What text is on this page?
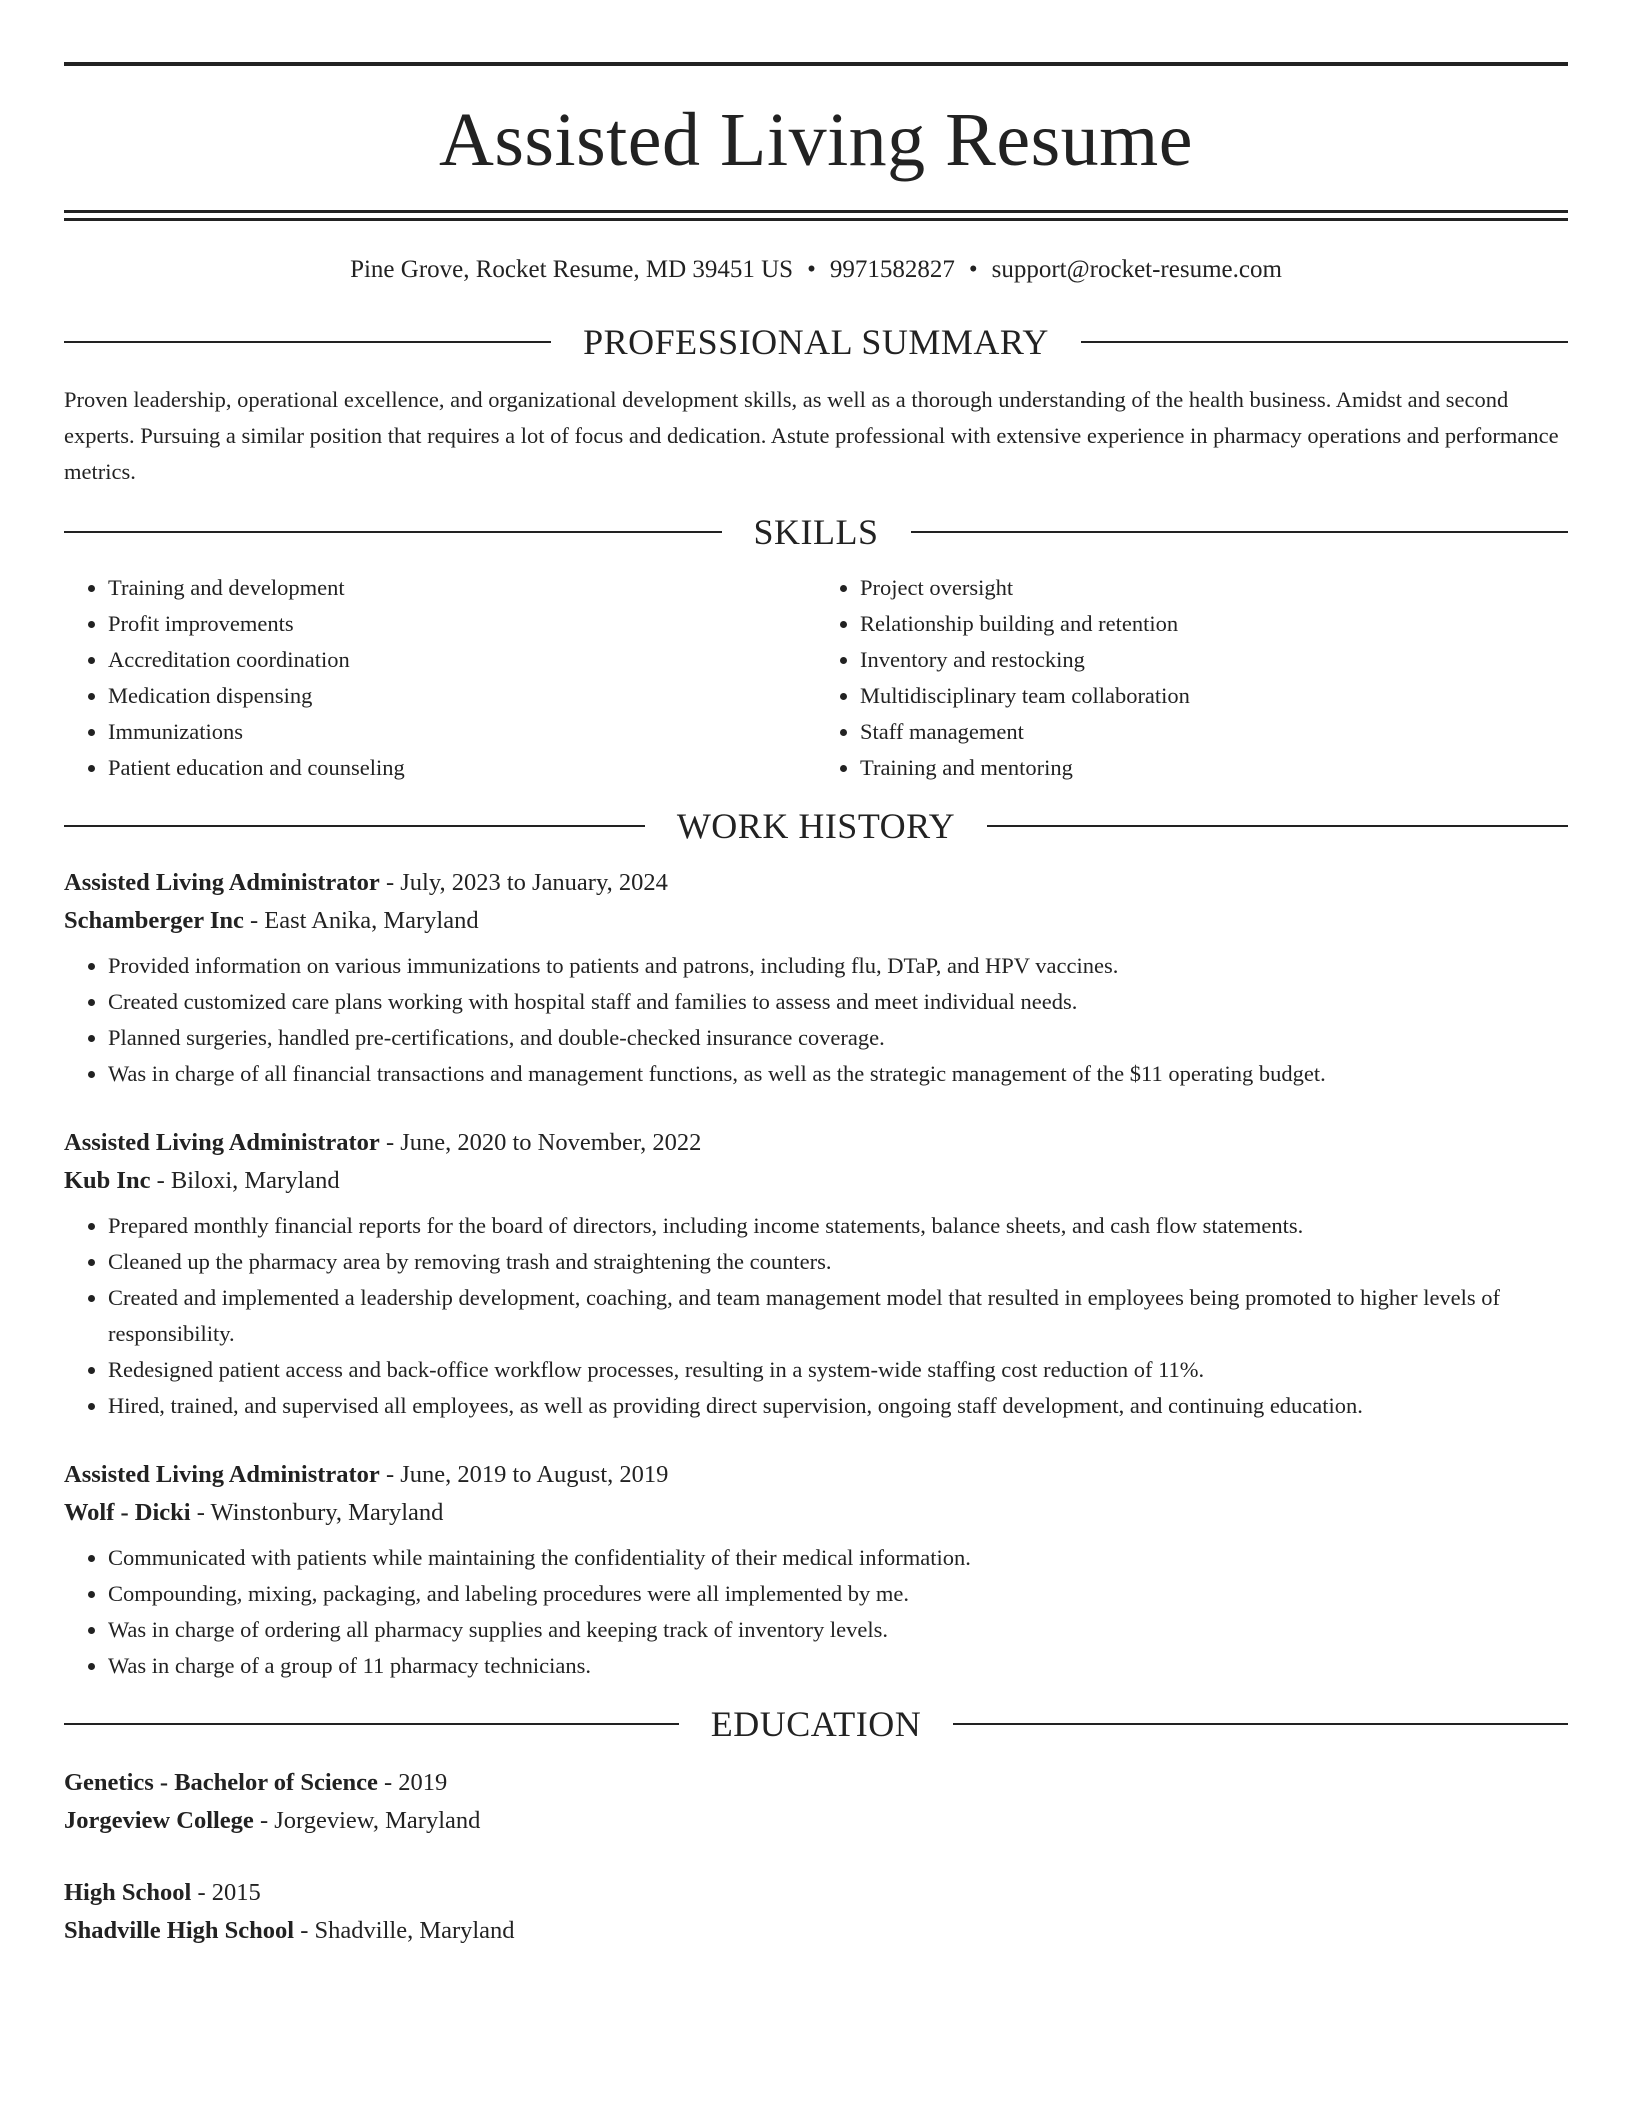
Assisted Living Resume
Pine Grove, Rocket Resume, MD 39451 US • 9971582827 • support@rocket-resume.com
PROFESSIONAL SUMMARY

Proven leadership, operational excellence, and organizational development skills, as well as a thorough understanding of the health business. Amidst and second experts. Pursuing a similar position that requires a lot of focus and dedication. Astute professional with extensive experience in pharmacy operations and performance metrics.

SKILLS
• Training and development
• Profit improvements
• Accreditation coordination
• Medication dispensing
• Immunizations
• Patient education and counseling
• Project oversight
• Relationship building and retention
• Inventory and restocking
• Multidisciplinary team collaboration
• Staff management
• Training and mentoring
WORK HISTORY

Assisted Living Administrator - July, 2023 to January, 2024

Schamberger Inc - East Anika, Maryland

• Provided information on various immunizations to patients and patrons, including flu, DTaP, and HPV vaccines.
• Created customized care plans working with hospital staff and families to assess and meet individual needs.
• Planned surgeries, handled pre-certifications, and double-checked insurance coverage.
• Was in charge of all financial transactions and management functions, as well as the strategic management of the $11 operating budget.

Assisted Living Administrator - June, 2020 to November, 2022

Kub Inc - Biloxi, Maryland

• Prepared monthly financial reports for the board of directors, including income statements, balance sheets, and cash flow statements.
• Cleaned up the pharmacy area by removing trash and straightening the counters.
• Created and implemented a leadership development, coaching, and team management model that resulted in employees being promoted to higher levels of responsibility.
• Redesigned patient access and back-office workflow processes, resulting in a system-wide staffing cost reduction of 11%.
• Hired, trained, and supervised all employees, as well as providing direct supervision, ongoing staff development, and continuing education.

Assisted Living Administrator - June, 2019 to August, 2019

Wolf - Dicki - Winstonbury, Maryland

• Communicated with patients while maintaining the confidentiality of their medical information.
• Compounding, mixing, packaging, and labeling procedures were all implemented by me.
• Was in charge of ordering all pharmacy supplies and keeping track of inventory levels.
• Was in charge of a group of 11 pharmacy technicians.
EDUCATION

Genetics - Bachelor of Science - 2019

Jorgeview College - Jorgeview, Maryland

High School - 2015

Shadville High School - Shadville, Maryland
